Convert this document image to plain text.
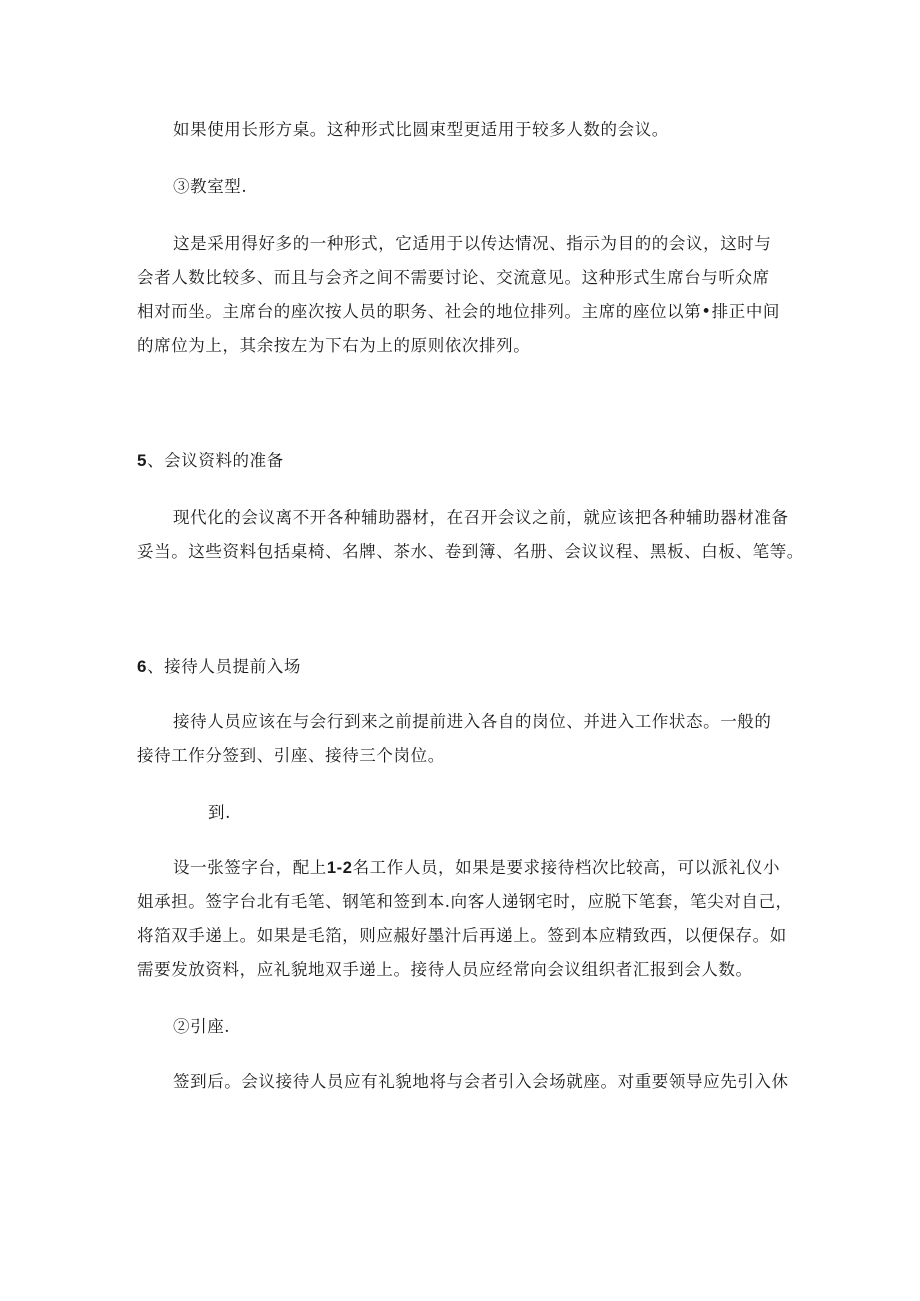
如果使用长形方桌。这种形式比圆束型更适用于较多人数的会议。

③教室型.

这是采用得好多的一种形式，它适用于以传达情况、指示为目的的会议，这时与

会者人数比较多、而且与会齐之间不需要讨论、交流意见。这种形式生席台与听众席

相对而坐。主席台的座次按人员的职务、社会的地位排列。主席的座位以第•排正中间

的席位为上，其余按左为下右为上的原则依次排列。

5、会议资料的准备

现代化的会议离不开各种辅助器材，在召开会议之前，就应该把各种辅助器材准备

妥当。这些资料包括桌椅、名牌、茶水、卷到簿、名册、会议议程、黑板、白板、笔等。

6、接待人员提前入场

接待人员应该在与会行到来之前提前进入各自的岗位、并进入工作状态。一般的

接待工作分签到、引座、接待三个岗位。

到.

设一张签字台，配上1-2名工作人员，如果是要求接待档次比较高，可以派礼仪小

姐承担。签字台北有毛笔、钢笔和签到本.向客人递钢宅时，应脱下笔套，笔尖对自己，

将箔双手递上。如果是毛箔，则应赧好墨汁后再递上。签到本应精致西，以便保存。如

需要发放资料，应礼貌地双手递上。接待人员应经常向会议组织者汇报到会人数。

②引座.

签到后。会议接待人员应有礼貌地将与会者引入会场就座。对重要领导应先引入休
